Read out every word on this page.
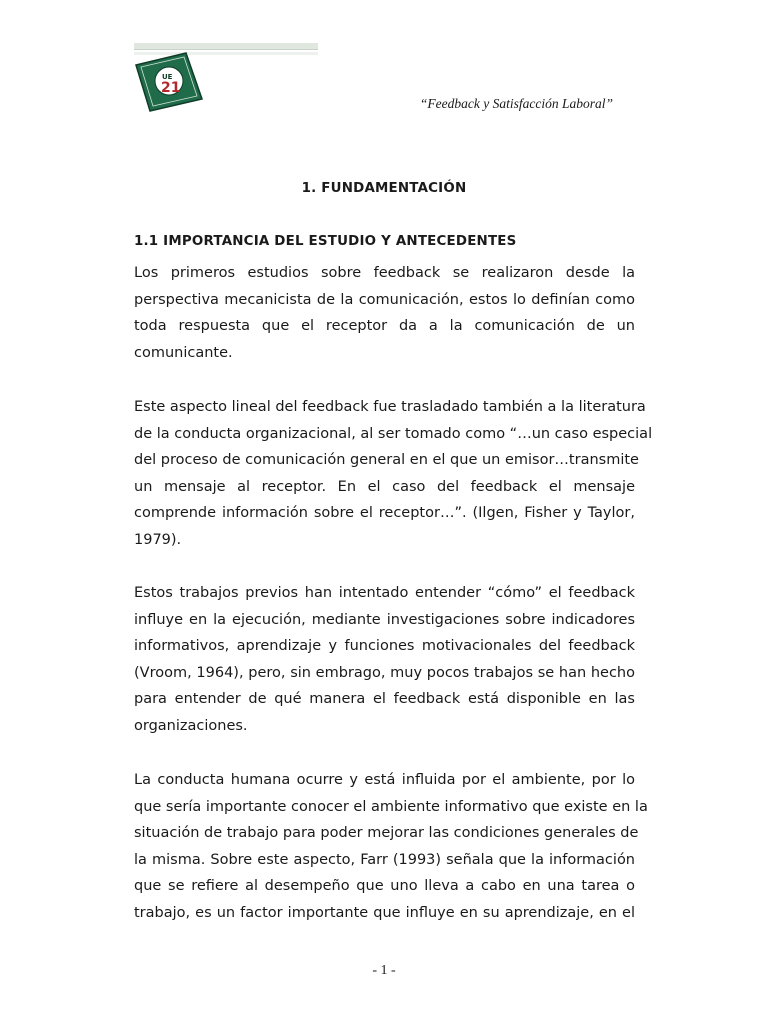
UE
21
“Feedback y Satisfacción Laboral”
1. FUNDAMENTACIÓN
1.1 IMPORTANCIA DEL ESTUDIO Y ANTECEDENTES
Los primeros estudios sobre feedback se realizaron desde la
perspectiva mecanicista de la comunicación, estos lo definían como
toda respuesta que el receptor da a la comunicación de un
comunicante.
Este aspecto lineal del feedback fue trasladado también a la literatura
de la conducta organizacional, al ser tomado como “…un caso especial
del proceso de comunicación general en el que un emisor…transmite
un mensaje al receptor. En el caso del feedback el mensaje
comprende información sobre el receptor…”. (Ilgen, Fisher y Taylor,
1979).
Estos trabajos previos han intentado entender “cómo” el feedback
influye en la ejecución, mediante investigaciones sobre indicadores
informativos, aprendizaje y funciones motivacionales del feedback
(Vroom, 1964), pero, sin embrago, muy pocos trabajos se han hecho
para entender de qué manera el feedback está disponible en las
organizaciones.
La conducta humana ocurre y está influida por el ambiente, por lo
que sería importante conocer el ambiente informativo que existe en la
situación de trabajo para poder mejorar las condiciones generales de
la misma. Sobre este aspecto, Farr (1993) señala que la información
que se refiere al desempeño que uno lleva a cabo en una tarea o
trabajo, es un factor importante que influye en su aprendizaje, en el
- 1 -
